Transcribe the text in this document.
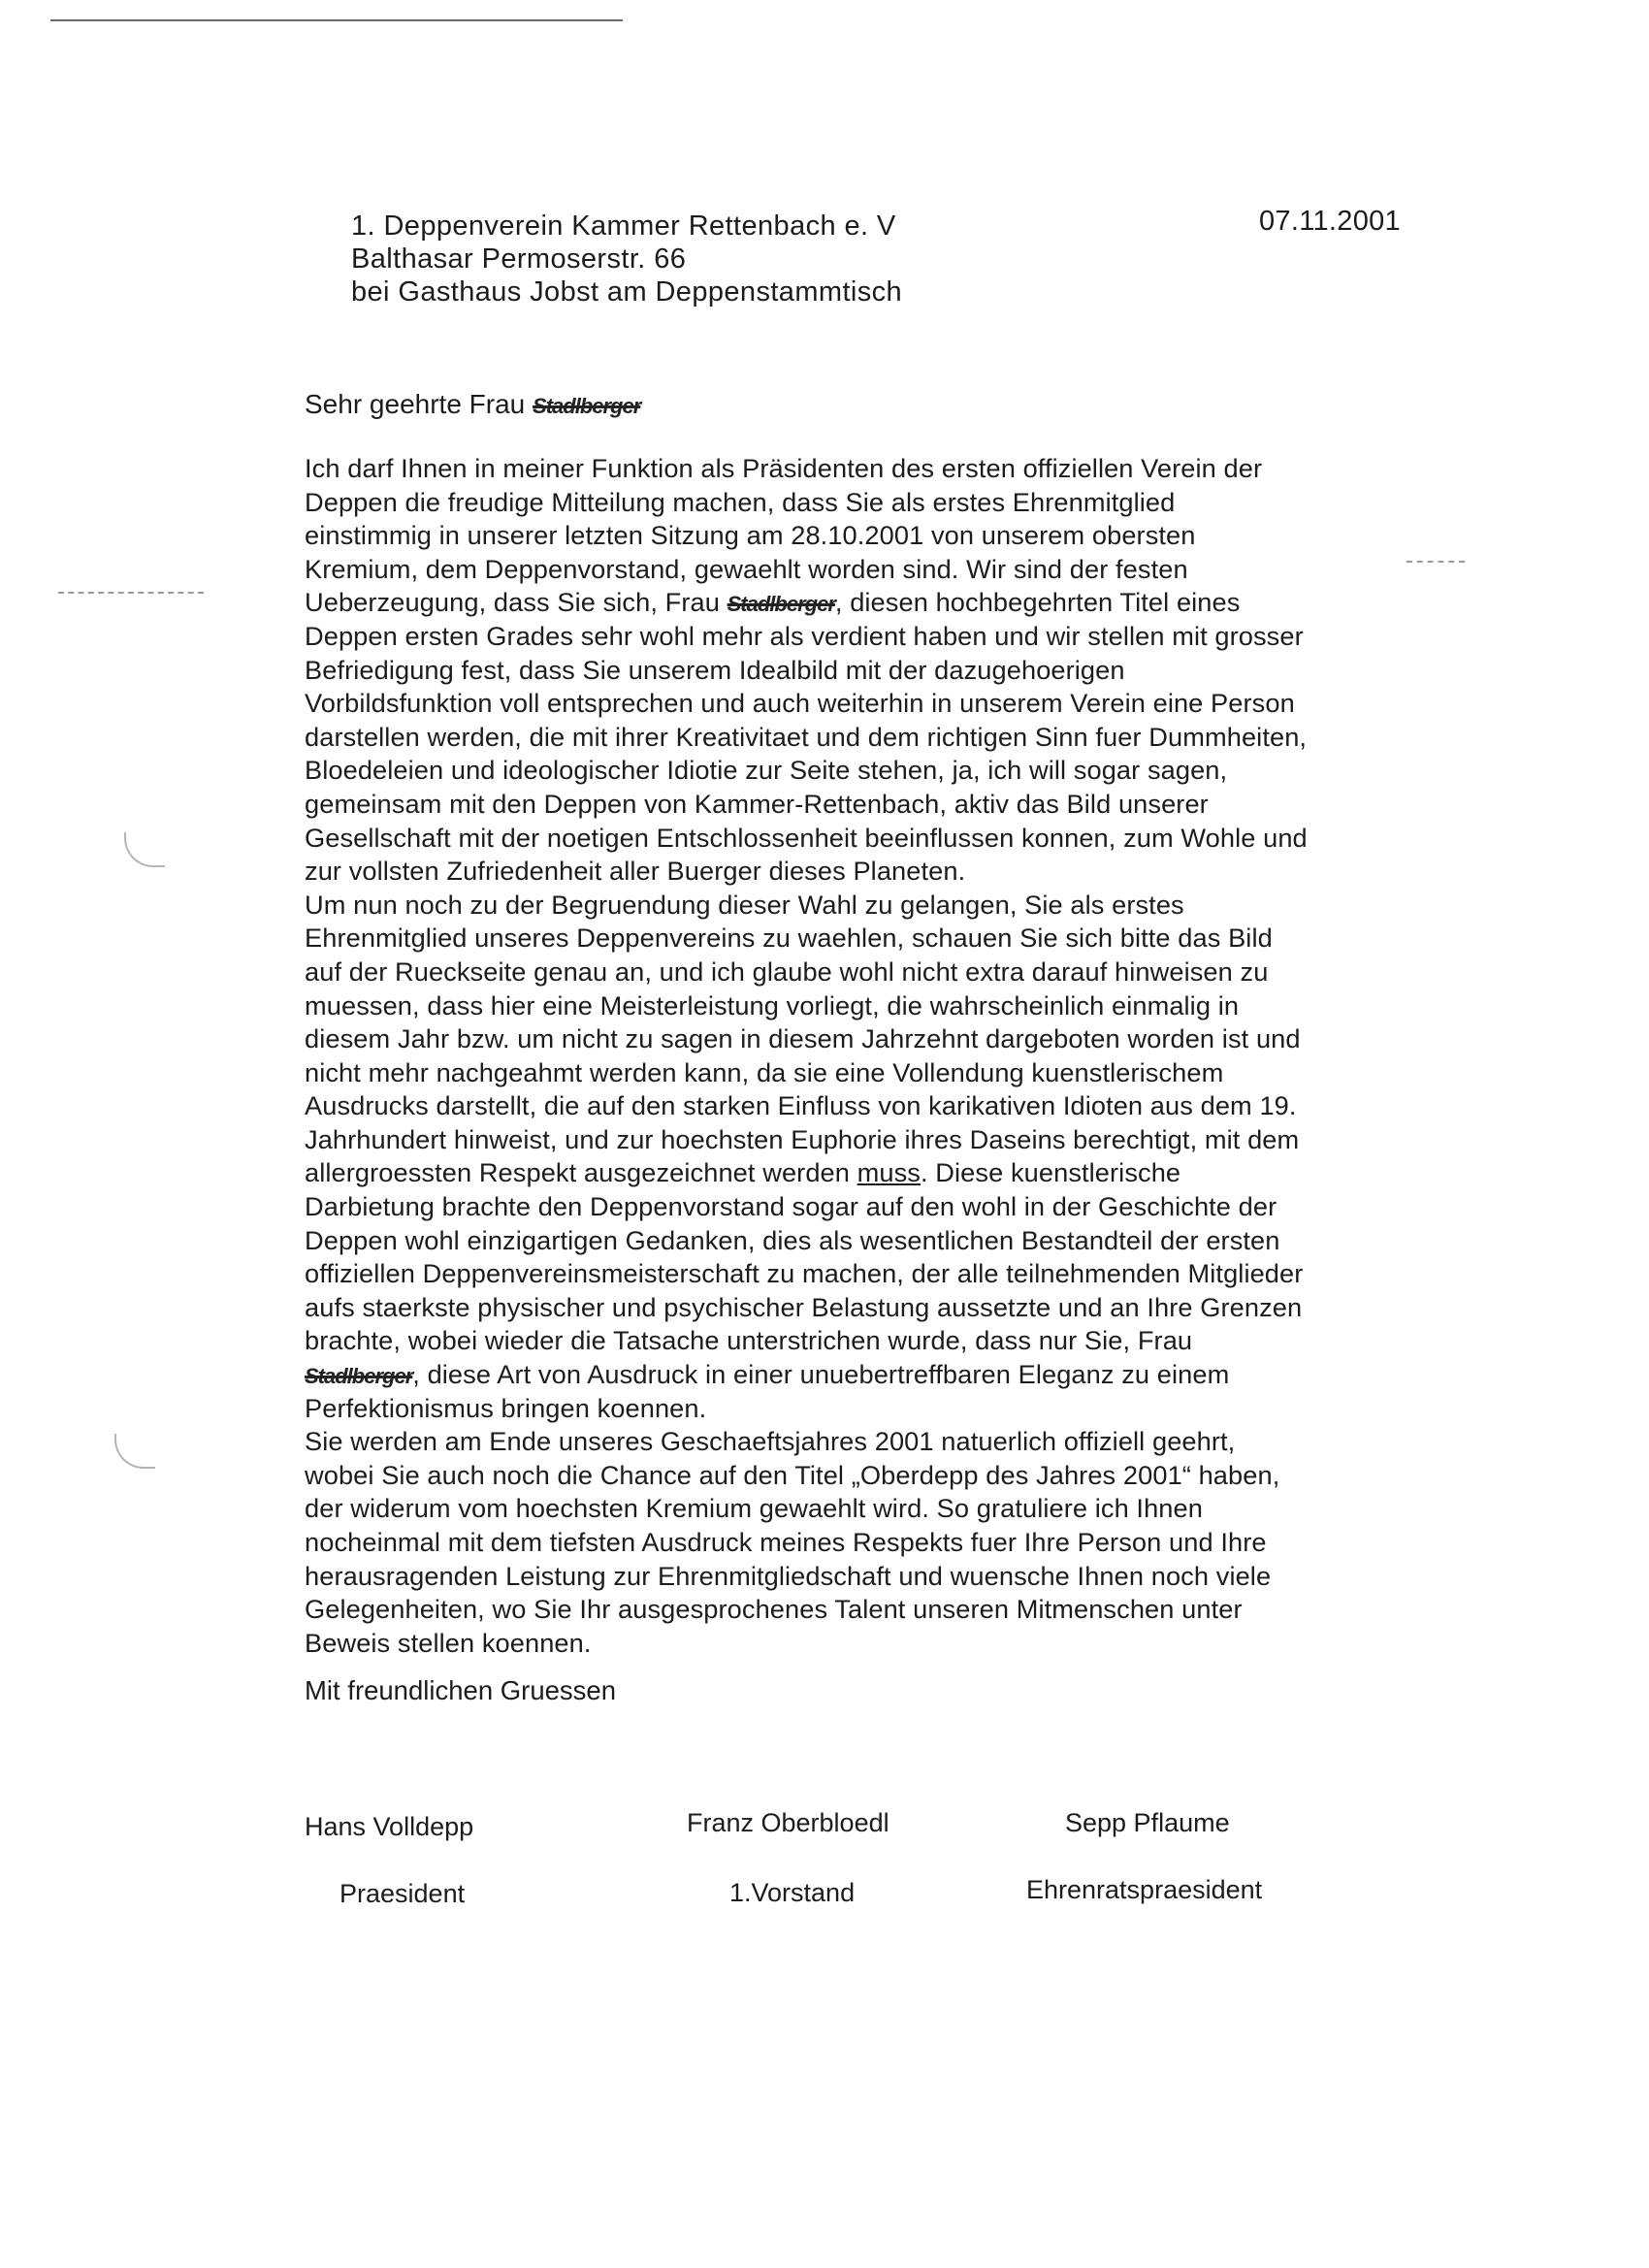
1. Deppenverein Kammer Rettenbach e. V
Balthasar Permoserstr. 66
bei Gasthaus Jobst am Deppenstammtisch
07.11.2001
Sehr geehrte Frau Stadlberger
Ich darf Ihnen in meiner Funktion als Präsidenten des ersten offiziellen Verein der
Deppen die freudige Mitteilung machen, dass Sie als erstes Ehrenmitglied
einstimmig in unserer letzten Sitzung am 28.10.2001 von unserem obersten
Kremium, dem Deppenvorstand, gewaehlt worden sind. Wir sind der festen
Ueberzeugung, dass Sie sich, Frau Stadlberger, diesen hochbegehrten Titel eines
Deppen ersten Grades sehr wohl mehr als verdient haben und wir stellen mit grosser
Befriedigung fest, dass Sie unserem Idealbild mit der dazugehoerigen
Vorbildsfunktion voll entsprechen und auch weiterhin in unserem Verein eine Person
darstellen werden, die mit ihrer Kreativitaet und dem richtigen Sinn fuer Dummheiten,
Bloedeleien und ideologischer Idiotie zur Seite stehen, ja, ich will sogar sagen,
gemeinsam mit den Deppen von Kammer-Rettenbach, aktiv das Bild unserer
Gesellschaft mit der noetigen Entschlossenheit beeinflussen konnen, zum Wohle und
zur vollsten Zufriedenheit aller Buerger dieses Planeten.
Um nun noch zu der Begruendung dieser Wahl zu gelangen, Sie als erstes
Ehrenmitglied unseres Deppenvereins zu waehlen, schauen Sie sich bitte das Bild
auf der Rueckseite genau an, und ich glaube wohl nicht extra darauf hinweisen zu
muessen, dass hier eine Meisterleistung vorliegt, die wahrscheinlich einmalig in
diesem Jahr bzw. um nicht zu sagen in diesem Jahrzehnt dargeboten worden ist und
nicht mehr nachgeahmt werden kann, da sie eine Vollendung kuenstlerischem
Ausdrucks darstellt, die auf den starken Einfluss von karikativen Idioten aus dem 19.
Jahrhundert hinweist, und zur hoechsten Euphorie ihres Daseins berechtigt, mit dem
allergroessten Respekt ausgezeichnet werden muss. Diese kuenstlerische
Darbietung brachte den Deppenvorstand sogar auf den wohl in der Geschichte der
Deppen wohl einzigartigen Gedanken, dies als wesentlichen Bestandteil der ersten
offiziellen Deppenvereinsmeisterschaft zu machen, der alle teilnehmenden Mitglieder
aufs staerkste physischer und psychischer Belastung aussetzte und an Ihre Grenzen
brachte, wobei wieder die Tatsache unterstrichen wurde, dass nur Sie, Frau
Stadlberger, diese Art von Ausdruck in einer unuebertreffbaren Eleganz zu einem
Perfektionismus bringen koennen.
Sie werden am Ende unseres Geschaeftsjahres 2001 natuerlich offiziell geehrt,
wobei Sie auch noch die Chance auf den Titel „Oberdepp des Jahres 2001“ haben,
der widerum vom hoechsten Kremium gewaehlt wird. So gratuliere ich Ihnen
nocheinmal mit dem tiefsten Ausdruck meines Respekts fuer Ihre Person und Ihre
herausragenden Leistung zur Ehrenmitgliedschaft und wuensche Ihnen noch viele
Gelegenheiten, wo Sie Ihr ausgesprochenes Talent unseren Mitmenschen unter
Beweis stellen koennen.
Mit freundlichen Gruessen
Hans Volldepp
Praesident
Franz Oberbloedl
1.Vorstand
Sepp Pflaume
Ehrenratspraesident
